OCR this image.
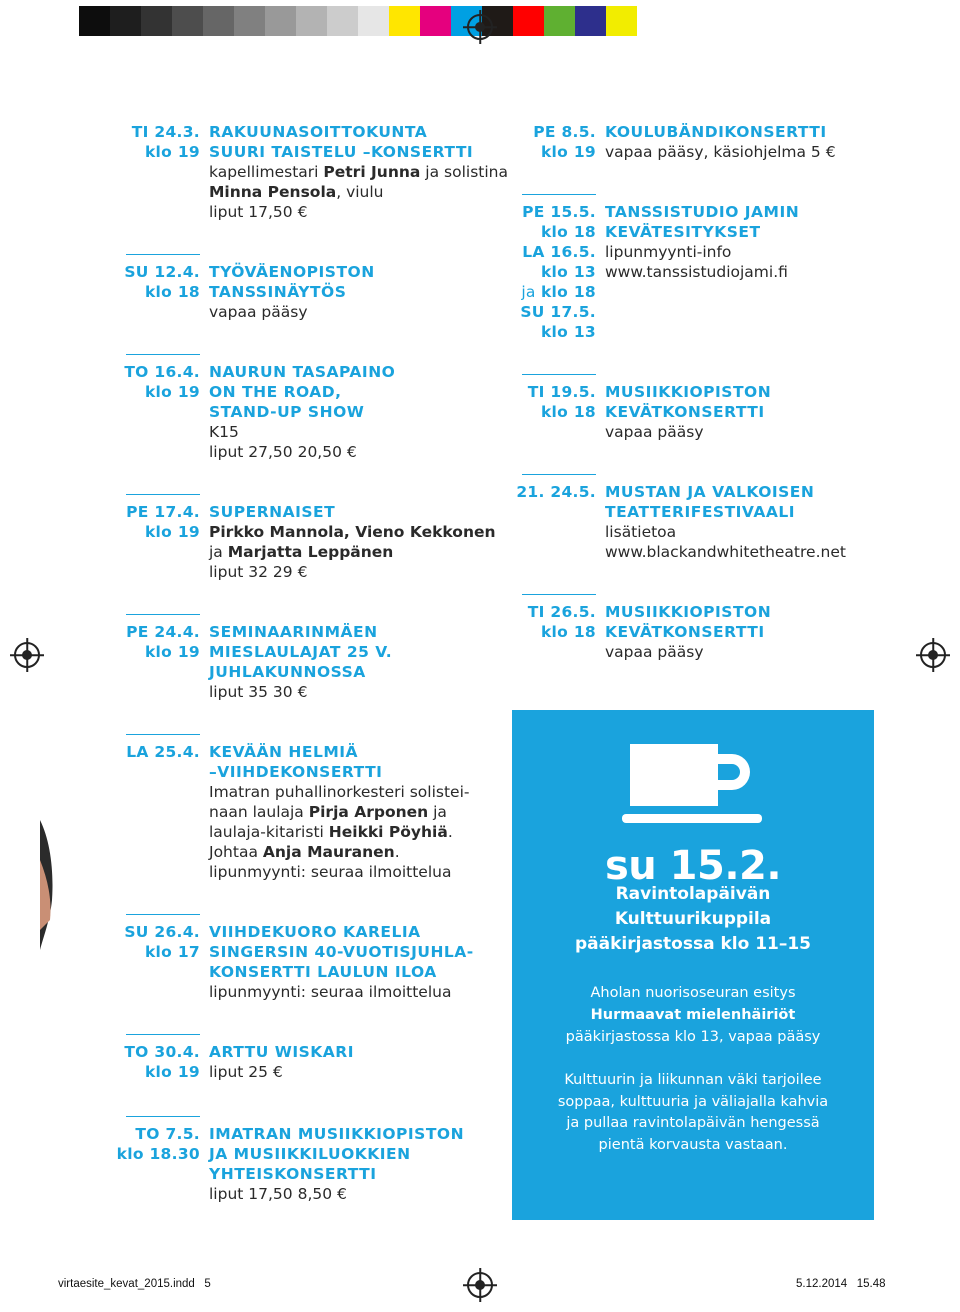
TI 24.3.
klo 19
RAKUUNASOITTOKUNTA
SUURI TAISTELU –KONSERTTI
kapellimestari Petri Junna ja solistina
Minna Pensola, viulu
liput 17,50 €
SU 12.4.
klo 18
TYÖVÄENOPISTON
TANSSINÄYTÖS
vapaa pääsy
TO 16.4.
klo 19
NAURUN TASAPAINO
ON THE ROAD,
STAND-UP SHOW
K15
liput 27,50 20,50 €
PE 17.4.
klo 19
SUPERNAISET
Pirkko Mannola, Vieno Kekkonen
ja Marjatta Leppänen
liput 32 29 €
PE 24.4.
klo 19
SEMINAARINMÄEN
MIESLAULAJAT 25 V.
JUHLAKUNNOSSA
liput 35 30 €
LA 25.4. KEVÄÄN HELMIÄ
–VIIHDEKONSERTTI
Imatran puhallinorkesteri solistei-
naan laulaja Pirja Arponen ja
laulaja-kitaristi Heikki Pöyhiä.
Johtaa Anja Mauranen.
lipunmyynti: seuraa ilmoittelua
SU 26.4.
klo 17
VIIHDEKUORO KARELIA
SINGERSIN 40-VUOTISJUHLA-
KONSERTTI LAULUN ILOA
lipunmyynti: seuraa ilmoittelua
TO 30.4.
klo 19
ARTTU WISKARI
liput 25 €
TO 7.5.
klo 18.30
IMATRAN MUSIIKKIOPISTON
JA MUSIIKKILUOKKIEN
YHTEISKONSERTTI
liput 17,50 8,50 €
PE 8.5.
klo 19
KOULUBÄNDIKONSERTTI
vapaa pääsy, käsiohjelma 5 €
PE 15.5.
klo 18
LA 16.5.
klo 13
ja klo 18
SU 17.5.
klo 13
TANSSISTUDIO JAMIN
KEVÄTESITYKSET
lipunmyynti-info
www.tanssistudiojami.fi
TI 19.5.
klo 18
MUSIIKKIOPISTON
KEVÄTKONSERTTI
vapaa pääsy
21. 24.5. MUSTAN JA VALKOISEN
TEATTERIFESTIVAALI
lisätietoa
www.blackandwhitetheatre.net
TI 26.5.
klo 18
MUSIIKKIOPISTON
KEVÄTKONSERTTI
vapaa pääsy
su 15.2.
Ravintolapäivän
Kulttuurikuppila
pääkirjastossa klo 11–15
Aholan nuorisoseuran esitys
Hurmaavat mielenhäiriöt
pääkirjastossa klo 13, vapaa pääsy
Kulttuurin ja liikunnan väki tarjoilee
soppaa, kulttuuria ja väliajalla kahvia
ja pullaa ravintolapäivän hengessä
pientä korvausta vastaan.
virtaesite_kevat_2015.indd   5	5.12.2014   15.48
